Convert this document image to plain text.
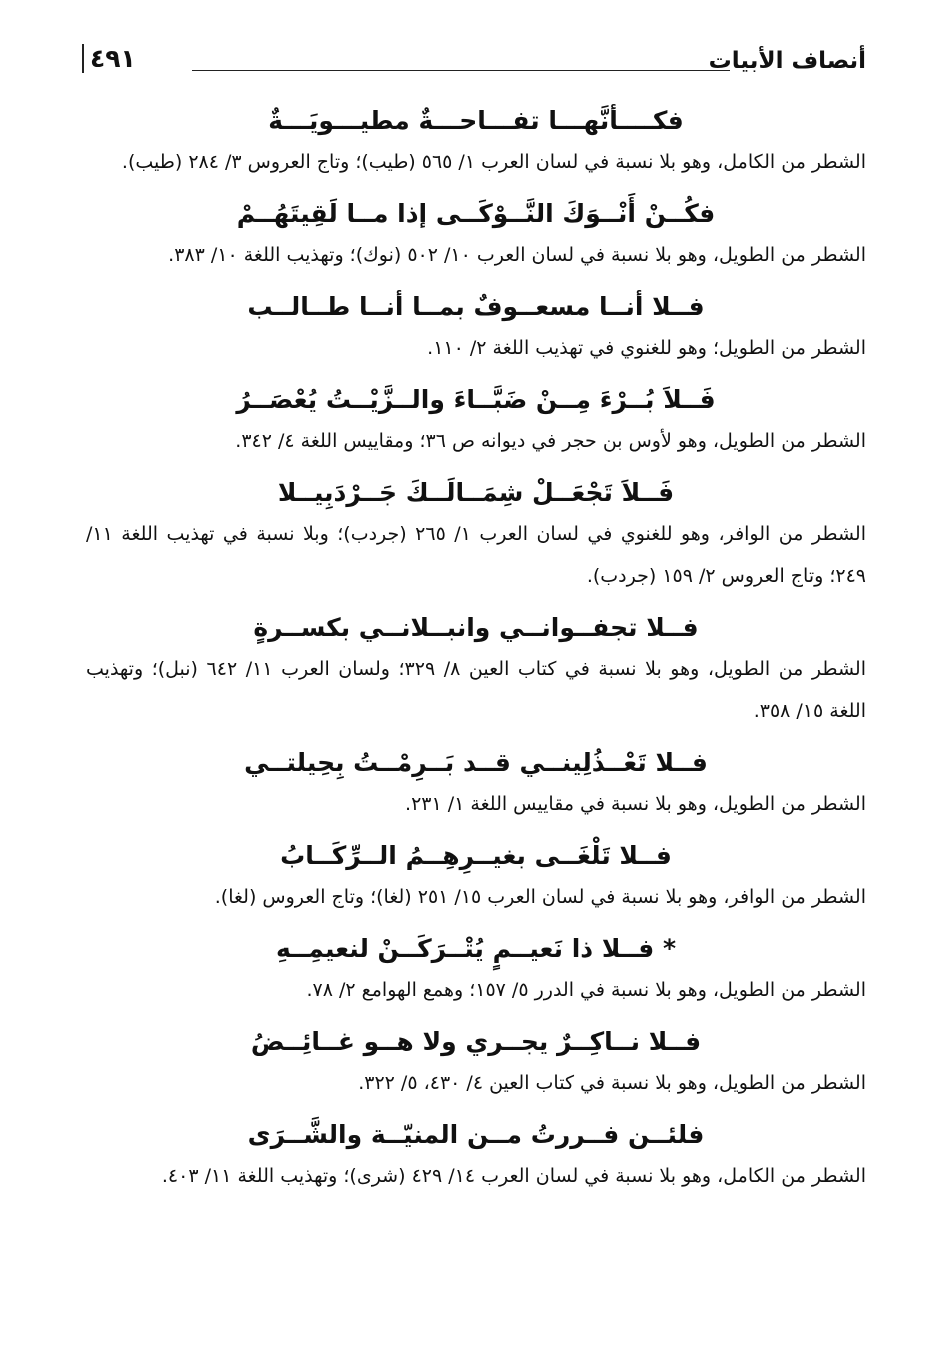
أنصاف الأبيات
٤٩١
فكــــأنَّهـــا تفـــاحـــةٌ مطيـــويَـــةٌ
الشطر من الكامل، وهو بلا نسبة في لسان العرب ١/ ٥٦٥ (طيب)؛ وتاج العروس ٣/ ٢٨٤ (طيب).
فكُــنْ أَنْــوَكَ النَّــوْكَــى إذا مــا لَقِيتَهُــمْ
الشطر من الطويل، وهو بلا نسبة في لسان العرب ١٠/ ٥٠٢ (نوك)؛ وتهذيب اللغة ١٠/ ٣٨٣.
فــلا أنــا مسعــوفٌ بمــا أنــا طــالــب
الشطر من الطويل؛ وهو للغنوي في تهذيب اللغة ٢/ ١١٠.
فَــلاَ بُــرْءَ مِــنْ ضَبَّــاءَ والــزَّيْــتُ يُعْصَــرُ
الشطر من الطويل، وهو لأوس بن حجر في ديوانه ص ٣٦؛ ومقاييس اللغة ٤/ ٣٤٢.
فَــلاَ تَجْعَــلْ شِمَــالَــكَ جَــرْدَبِيــلا
الشطر من الوافر، وهو للغنوي في لسان العرب ١/ ٢٦٥ (جردب)؛ وبلا نسبة في تهذيب اللغة ١١/ ٢٤٩؛ وتاج العروس ٢/ ١٥٩ (جردب).
فــلا تجفــوانــي وانبــلانــي بكســرةٍ
الشطر من الطويل، وهو بلا نسبة في كتاب العين ٨/ ٣٢٩؛ ولسان العرب ١١/ ٦٤٢ (نبل)؛ وتهذيب اللغة ١٥/ ٣٥٨.
فــلا تَعْــذُلِينــي قــد بَــرِمْــتُ بِحِيلتــي
الشطر من الطويل، وهو بلا نسبة في مقاييس اللغة ١/ ٢٣١.
فــلا تَلْغَــى بغيــرِهِــمُ الــرِّكَــابُ
الشطر من الوافر، وهو بلا نسبة في لسان العرب ١٥/ ٢٥١ (لغا)؛ وتاج العروس (لغا).
* فــلا ذا نَعيــمٍ يُتْــرَكَــنْ لنعيمِــهِ
الشطر من الطويل، وهو بلا نسبة في الدرر ٥/ ١٥٧؛ وهمع الهوامع ٢/ ٧٨.
فــلا نــاكِــرٌ يجــري ولا هــو غــائِــضُ
الشطر من الطويل، وهو بلا نسبة في كتاب العين ٤/ ٤٣٠، ٥/ ٣٢٢.
فلئــن فــررتُ مــن المنيّــة والشَّــرَى
الشطر من الكامل، وهو بلا نسبة في لسان العرب ١٤/ ٤٢٩ (شرى)؛ وتهذيب اللغة ١١/ ٤٠٣.
